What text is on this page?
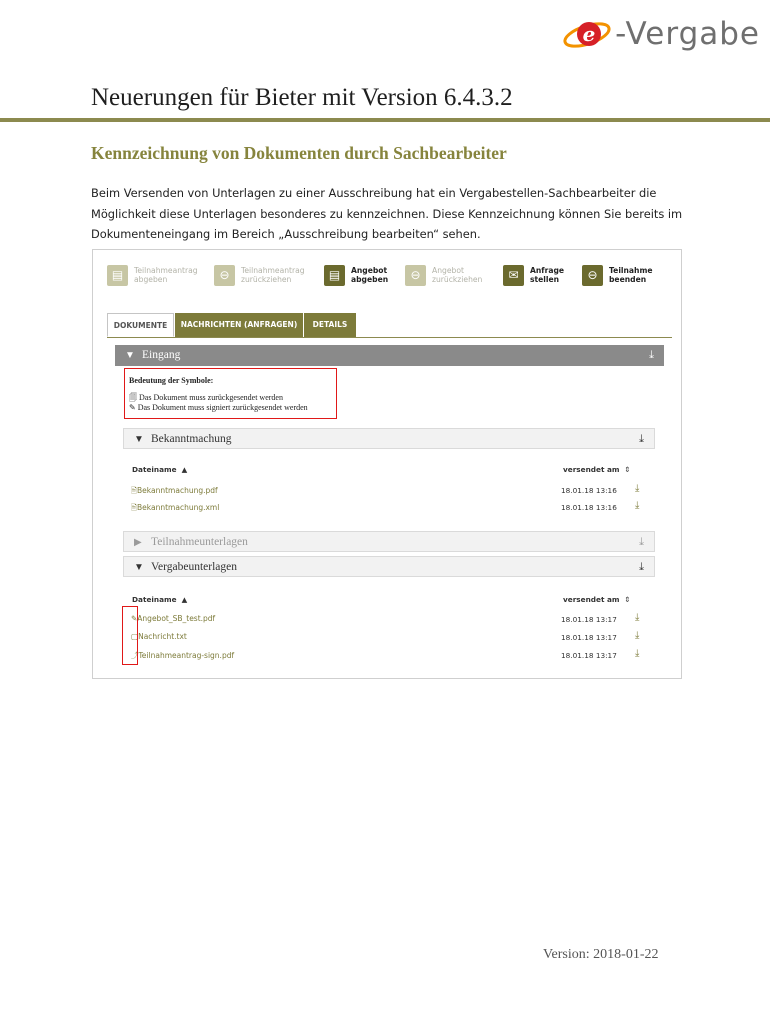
e -Vergabe
Neuerungen für Bieter mit Version 6.4.3.2
Kennzeichnung von Dokumenten durch Sachbearbeiter
Beim Versenden von Unterlagen zu einer Ausschreibung hat ein Vergabestellen-Sachbearbeiter die Möglichkeit diese Unterlagen besonderes zu kennzeichnen. Diese Kennzeichnung können Sie bereits im Dokumenteneingang im Bereich „Ausschreibung bearbeiten“ sehen.
▤	Teilnahmeantrag
abgeben	⊖	Teilnahmeantrag
zurückziehen	▤	Angebot
abgeben	⊖	Angebot
zurückziehen	✉	Anfrage
stellen	⊖	Teilnahme
beenden
DOKUMENTE	NACHRICHTEN (ANFRAGEN)	DETAILS
▼ Eingang	⤓
Bedeutung der Symbole:
🗐 Das Dokument muss zurückgesendet werden
✎ Das Dokument muss signiert zurückgesendet werden
▼ Bekanntmachung	⤓
Dateiname  ▲	versendet am  ⇕
🖹Bekanntmachung.pdf	18.01.18 13:16 ⤓
🖹Bekanntmachung.xml	18.01.18 13:16 ⤓
▶ Teilnahmeunterlagen	⤓
▼ Vergabeunterlagen	⤓
Dateiname  ▲	versendet am  ⇕
✎Angebot_SB_test.pdf	18.01.18 13:17 ⤓
▢Nachricht.txt	18.01.18 13:17 ⤓
⤴Teilnahmeantrag-sign.pdf	18.01.18 13:17 ⤓
Version: 2018-01-22
